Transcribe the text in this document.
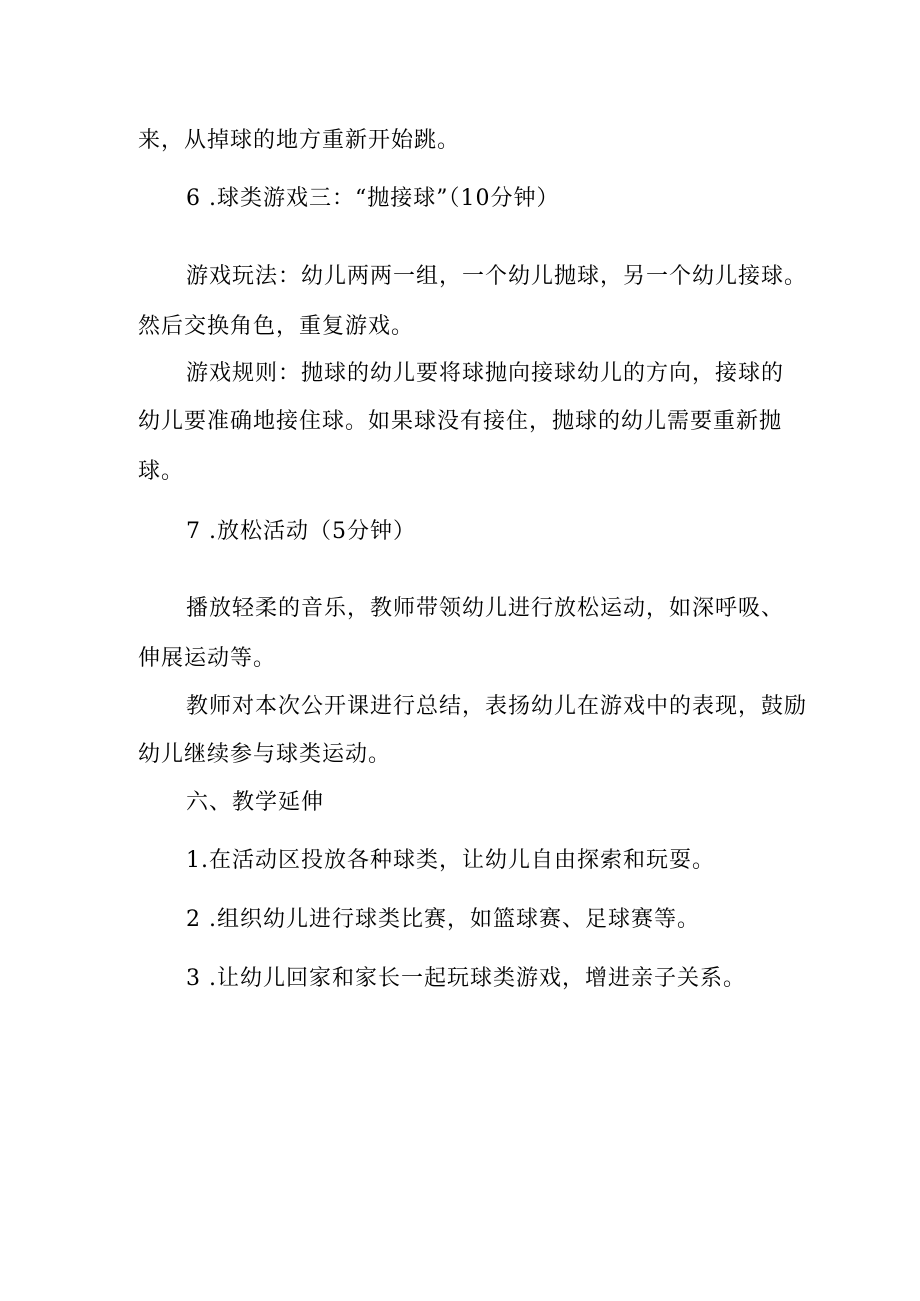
来，从掉球的地方重新开始跳。
6 .球类游戏三：“抛接球”（10分钟）
游戏玩法：幼儿两两一组，一个幼儿抛球，另一个幼儿接球。
然后交换角色，重复游戏。
游戏规则：抛球的幼儿要将球抛向接球幼儿的方向，接球的
幼儿要准确地接住球。如果球没有接住，抛球的幼儿需要重新抛
球。
7 .放松活动（5分钟）
播放轻柔的音乐，教师带领幼儿进行放松运动，如深呼吸、
伸展运动等。
教师对本次公开课进行总结，表扬幼儿在游戏中的表现，鼓励
幼儿继续参与球类运动。
六、教学延伸
1.在活动区投放各种球类，让幼儿自由探索和玩耍。
2 .组织幼儿进行球类比赛，如篮球赛、足球赛等。
3 .让幼儿回家和家长一起玩球类游戏，增进亲子关系。
